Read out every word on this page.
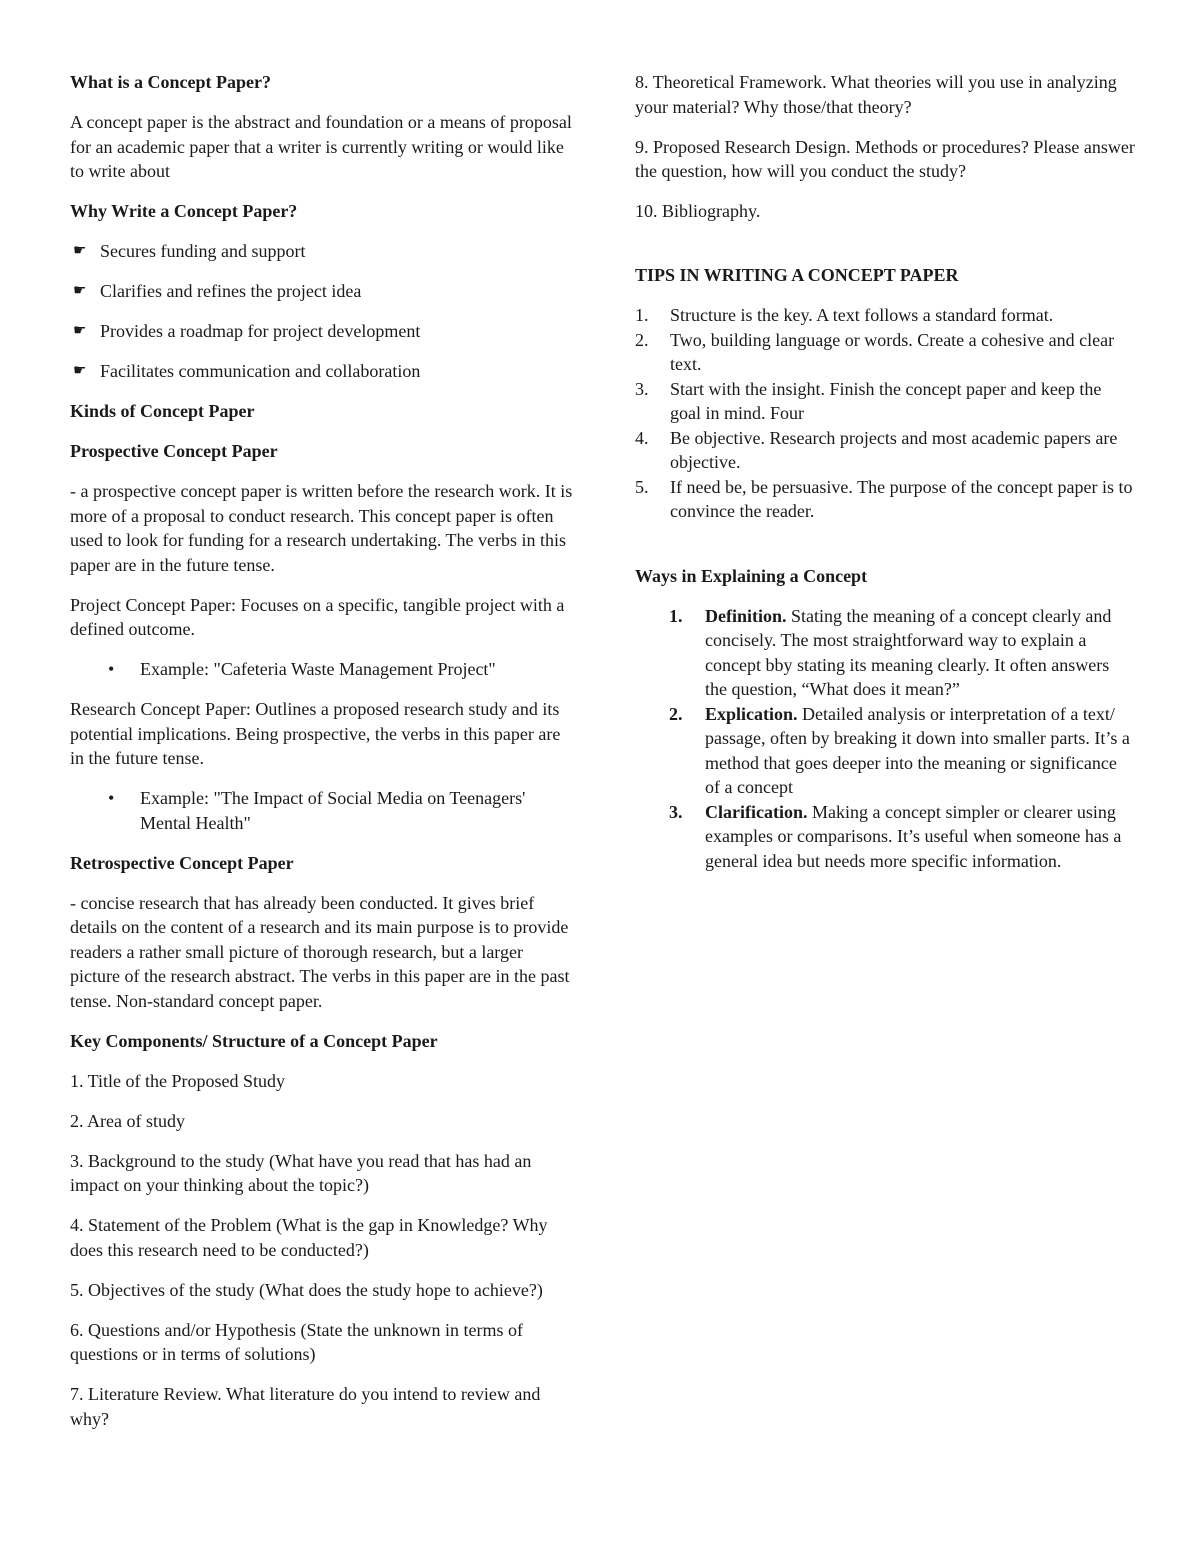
What is a Concept Paper?

A concept paper is the abstract and foundation or a means of proposal for an academic paper that a writer is currently writing or would like to write about

Why Write a Concept Paper?

☛ Secures funding and support
☛ Clarifies and refines the project idea
☛ Provides a roadmap for project development
☛ Facilitates communication and collaboration

Kinds of Concept Paper

Prospective Concept Paper

- a prospective concept paper is written before the research work. It is more of a proposal to conduct research. This concept paper is often used to look for funding for a research undertaking. The verbs in this paper are in the future tense.

Project Concept Paper: Focuses on a specific, tangible project with a defined outcome.

• Example: "Cafeteria Waste Management Project"

Research Concept Paper: Outlines a proposed research study and its potential implications. Being prospective, the verbs in this paper are in the future tense.

• Example: "The Impact of Social Media on Teenagers' Mental Health"

Retrospective Concept Paper

- concise research that has already been conducted. It gives brief details on the content of a research and its main purpose is to provide readers a rather small picture of thorough research, but a larger picture of the research abstract. The verbs in this paper are in the past tense. Non-standard concept paper.

Key Components/ Structure of a Concept Paper

1. Title of the Proposed Study

2. Area of study

3. Background to the study (What have you read that has had an impact on your thinking about the topic?)

4. Statement of the Problem (What is the gap in Knowledge? Why does this research need to be conducted?)

5. Objectives of the study (What does the study hope to achieve?)

6. Questions and/or Hypothesis (State the unknown in terms of questions or in terms of solutions)

7. Literature Review. What literature do you intend to review and why?

8. Theoretical Framework. What theories will you use in analyzing your material? Why those/that theory?

9. Proposed Research Design. Methods or procedures? Please answer the question, how will you conduct the study?

10. Bibliography.

TIPS IN WRITING A CONCEPT PAPER

1. Structure is the key. A text follows a standard format.
2. Two, building language or words. Create a cohesive and clear text.
3. Start with the insight. Finish the concept paper and keep the goal in mind. Four
4. Be objective. Research projects and most academic papers are objective.
5. If need be, be persuasive. The purpose of the concept paper is to convince the reader.

Ways in Explaining a Concept

1. Definition. Stating the meaning of a concept clearly and concisely. The most straightforward way to explain a concept bby stating its meaning clearly. It often answers the question, “What does it mean?”
2. Explication. Detailed analysis or interpretation of a text/ passage, often by breaking it down into smaller parts. It’s a method that goes deeper into the meaning or significance of a concept
3. Clarification. Making a concept simpler or clearer using examples or comparisons. It’s useful when someone has a general idea but needs more specific information.
